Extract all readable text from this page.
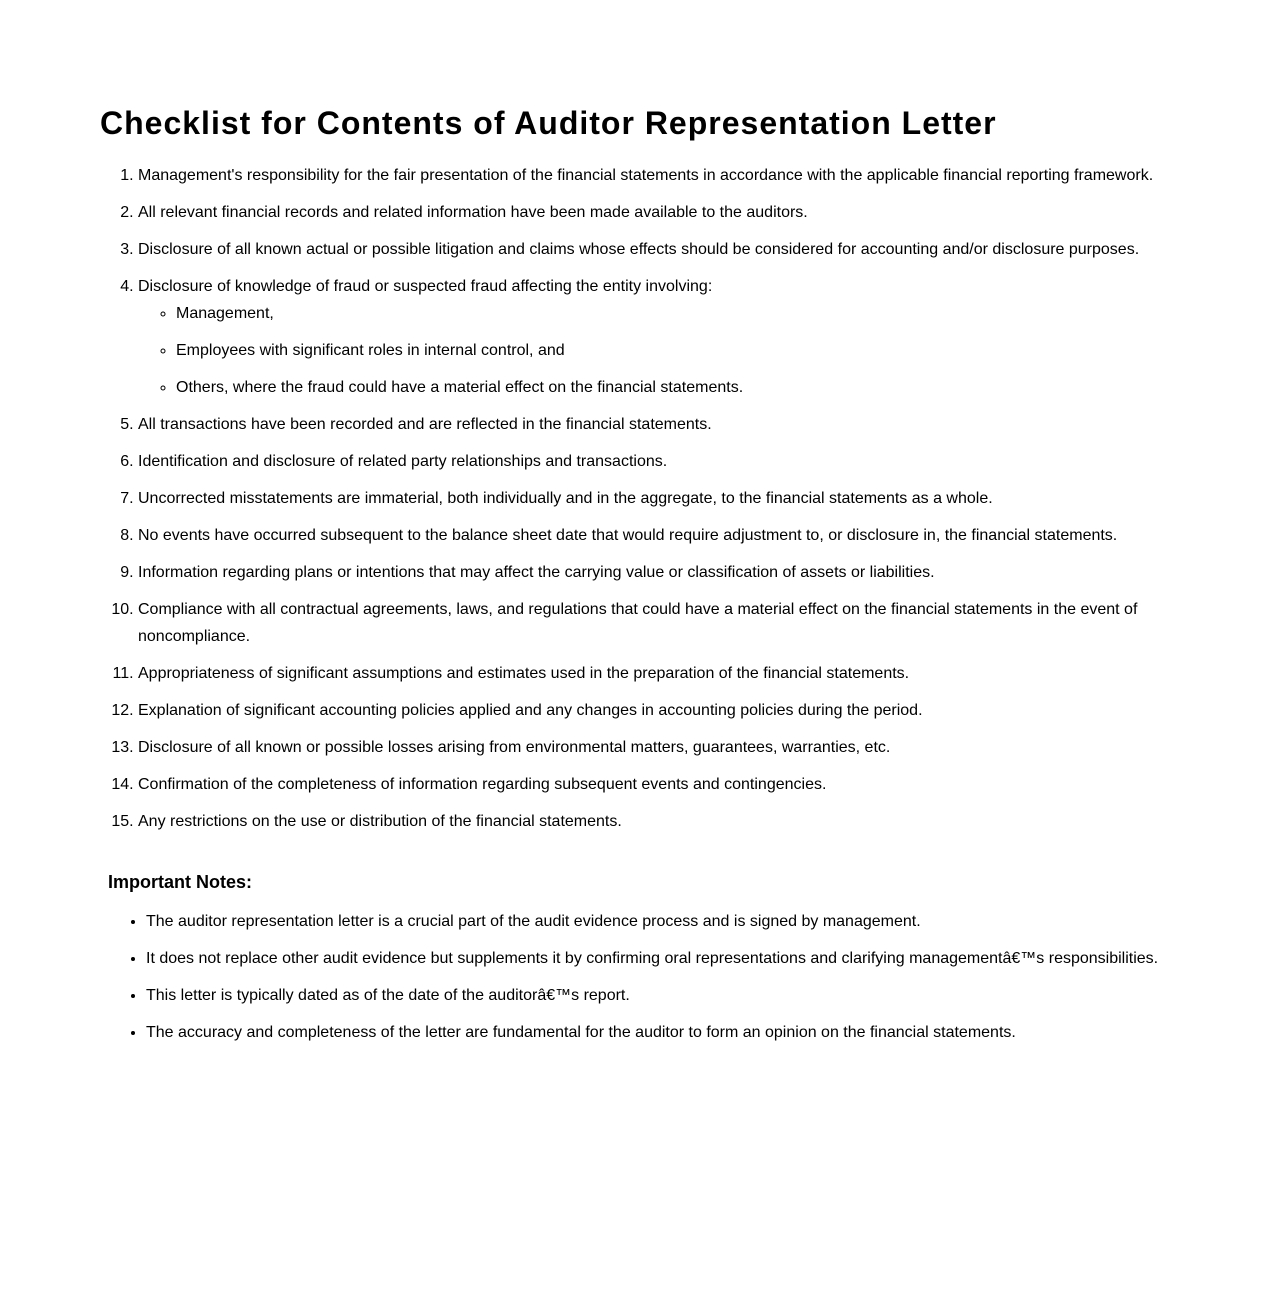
Checklist for Contents of Auditor Representation Letter
1. Management's responsibility for the fair presentation of the financial statements in accordance with the applicable financial reporting framework.
2. All relevant financial records and related information have been made available to the auditors.
3. Disclosure of all known actual or possible litigation and claims whose effects should be considered for accounting and/or disclosure purposes.
4. Disclosure of knowledge of fraud or suspected fraud affecting the entity involving:
◦ Management,
◦ Employees with significant roles in internal control, and
◦ Others, where the fraud could have a material effect on the financial statements.
5. All transactions have been recorded and are reflected in the financial statements.
6. Identification and disclosure of related party relationships and transactions.
7. Uncorrected misstatements are immaterial, both individually and in the aggregate, to the financial statements as a whole.
8. No events have occurred subsequent to the balance sheet date that would require adjustment to, or disclosure in, the financial statements.
9. Information regarding plans or intentions that may affect the carrying value or classification of assets or liabilities.
10. Compliance with all contractual agreements, laws, and regulations that could have a material effect on the financial statements in the event of noncompliance.
11. Appropriateness of significant assumptions and estimates used in the preparation of the financial statements.
12. Explanation of significant accounting policies applied and any changes in accounting policies during the period.
13. Disclosure of all known or possible losses arising from environmental matters, guarantees, warranties, etc.
14. Confirmation of the completeness of information regarding subsequent events and contingencies.
15. Any restrictions on the use or distribution of the financial statements.
Important Notes:
• The auditor representation letter is a crucial part of the audit evidence process and is signed by management.
• It does not replace other audit evidence but supplements it by confirming oral representations and clarifying managementâ€™s responsibilities.
• This letter is typically dated as of the date of the auditorâ€™s report.
• The accuracy and completeness of the letter are fundamental for the auditor to form an opinion on the financial statements.
